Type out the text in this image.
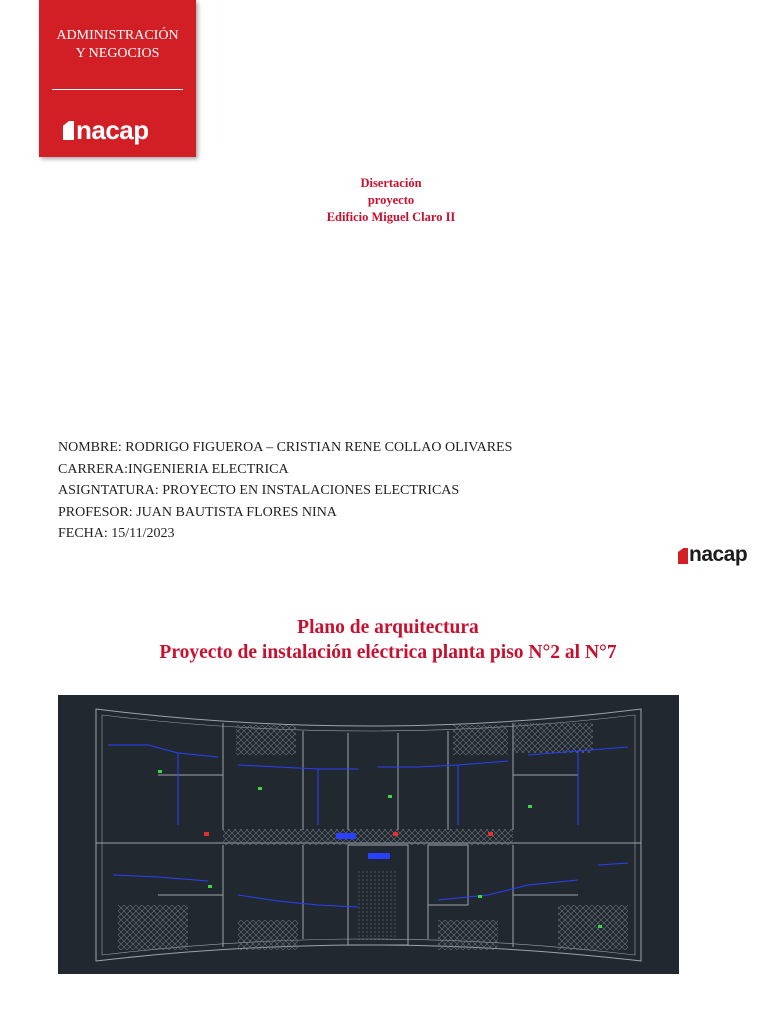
ADMINISTRACIÓN
Y NEGOCIOS
nacap
Disertación
proyecto
Edificio Miguel Claro II
NOMBRE: RODRIGO FIGUEROA – CRISTIAN RENE COLLAO OLIVARES
CARRERA:INGENIERIA ELECTRICA
ASIGNTATURA: PROYECTO EN INSTALACIONES ELECTRICAS
PROFESOR: JUAN BAUTISTA FLORES NINA
FECHA: 15/11/2023
nacap
Plano de arquitectura
Proyecto de instalación eléctrica planta piso N°2 al N°7
